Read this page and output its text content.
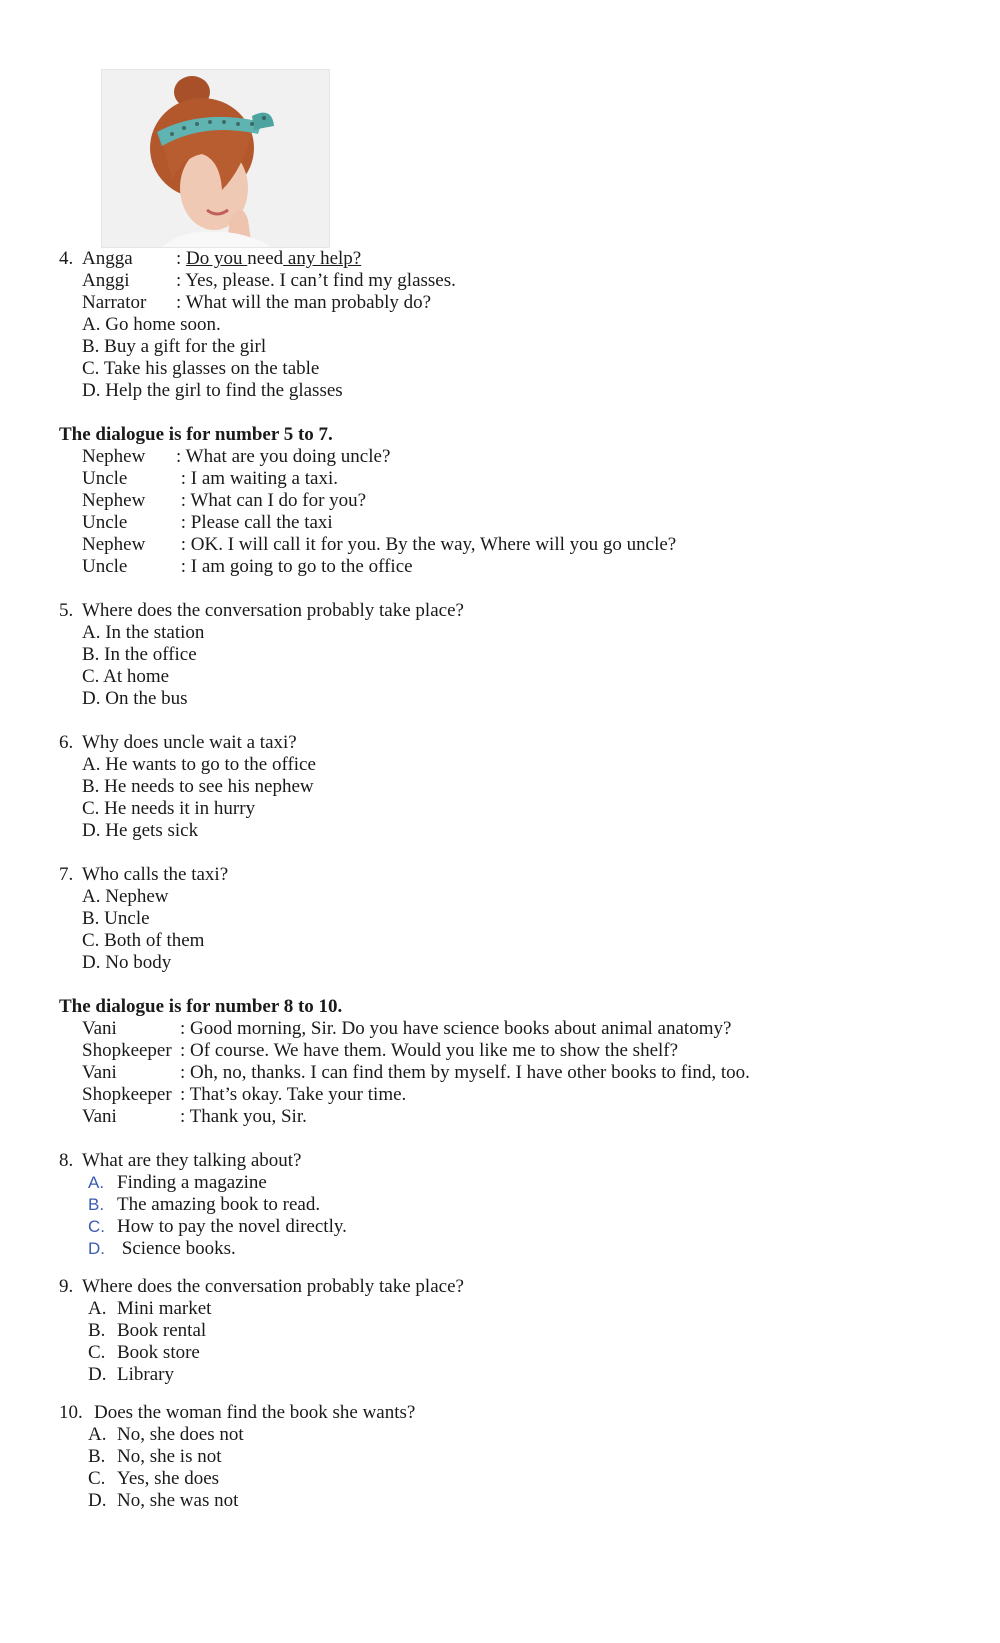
4. Angga : Do you need any help?
Anggi : Yes, please. I can’t find my glasses.
Narrator : What will the man probably do?
A. Go home soon.
B. Buy a gift for the girl
C. Take his glasses on the table
D. Help the girl to find the glasses
The dialogue is for number 5 to 7.
Nephew : What are you doing uncle?
Uncle	: I am waiting a taxi.
Nephew : What can I do for you?
Uncle	: Please call the taxi
Nephew : OK. I will call it for you. By the way, Where will you go uncle?
Uncle	: I am going to go to the office
5. Where does the conversation probably take place?
A. In the station
B. In the office
C. At home
D. On the bus
6. Why does uncle wait a taxi?
A. He wants to go to the office
B. He needs to see his nephew
C. He needs it in hurry
D. He gets sick
7. Who calls the taxi?
A. Nephew
B. Uncle
C. Both of them
D. No body
The dialogue is for number 8 to 10.
Vani	: Good morning, Sir. Do you have science books about animal anatomy?
Shopkeeper : Of course. We have them. Would you like me to show the shelf?
Vani	: Oh, no, thanks. I can find them by myself. I have other books to find, too.
Shopkeeper : That’s okay. Take your time.
Vani	: Thank you, Sir.
8. What are they talking about?
A. Finding a magazine
B. The amazing book to read.
C. How to pay the novel directly.
D. Science books.
9. Where does the conversation probably take place?
A. Mini market
B. Book rental
C. Book store
D. Library
10. Does the woman find the book she wants?
A. No, she does not
B. No, she is not
C. Yes, she does
D. No, she was not
